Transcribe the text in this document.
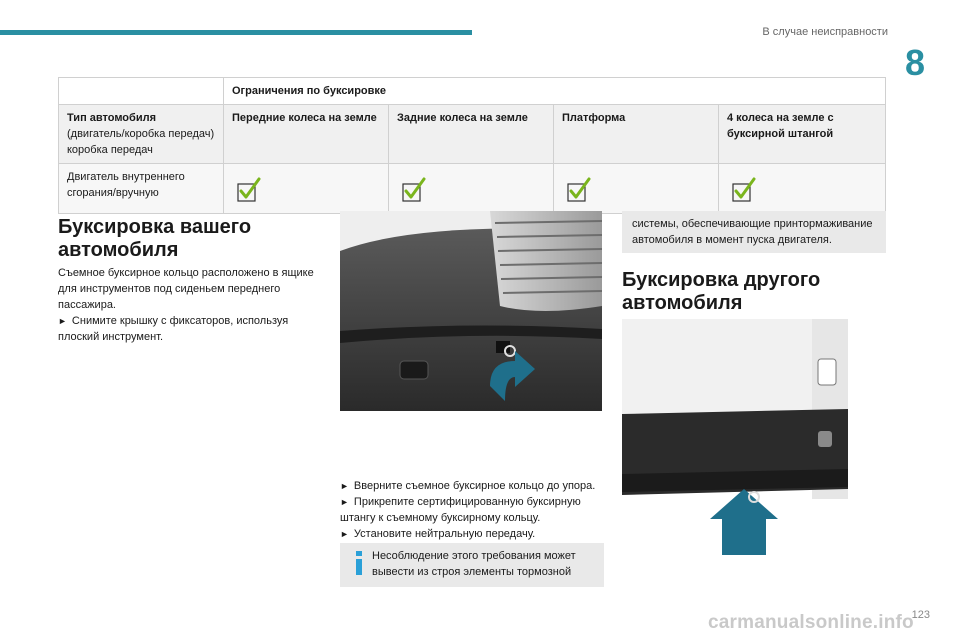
В случае неисправности
8
	Ограничения по буксировке			

Тип автомобиля
(двигатель/коробка передач)
коробка передач	Передние колеса на земле	Задние колеса на земле	Платформа	4 колеса на земле с буксирной штангой
Двигатель внутреннего сгорания/вручную				
Буксировка вашего автомобиля
Съемное буксирное кольцо расположено в ящике для инструментов под сиденьем переднего пассажира.
► Снимите крышку с фиксаторов, используя плоский инструмент.
► Вверните съемное буксирное кольцо до упора.
► Прикрепите сертифицированную буксирную штангу к съемному буксирному кольцу.
► Установите нейтральную передачу.
Несоблюдение этого требования может вывести из строя элементы тормозной
системы, обеспечивающие принтормаживание автомобиля в момент пуска двигателя.
Буксировка другого автомобиля
123
carmanualsonline.info
